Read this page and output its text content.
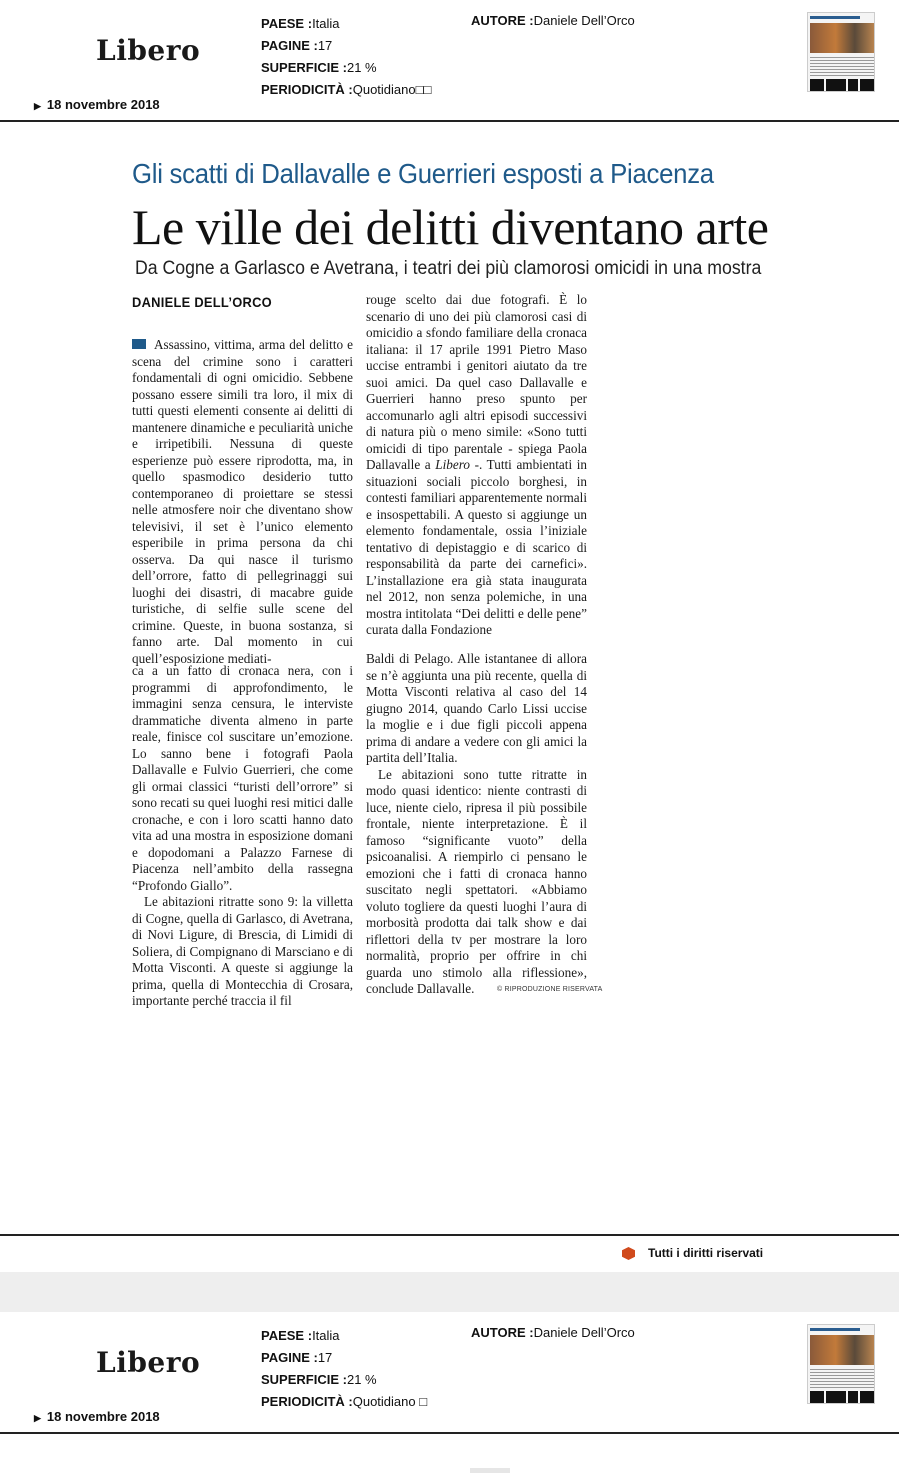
Libero
▶ 18 novembre 2018
PAESE :Italia
PAGINE :17
SUPERFICIE :21 %
PERIODICITÀ :Quotidiano□□
AUTORE :Daniele Dell’Orco
Gli scatti di Dallavalle e Guerrieri esposti a Piacenza
Le ville dei delitti diventano arte
Da Cogne a Garlasco e Avetrana, i teatri dei più clamorosi omicidi in una mostra
DANIELE DELL’ORCO

Assassino, vittima, arma del delitto e scena del crimine sono i caratteri fondamentali di ogni omicidio. Sebbene possano essere simili tra loro, il mix di tutti questi elementi consente ai delitti di mantenere dinamiche e peculiarità uniche e irripetibili. Nessuna di queste esperienze può essere riprodotta, ma, in quello spasmodico desiderio tutto contemporaneo di proiettare se stessi nelle atmosfere noir che diventano show televisivi, il set è l’unico elemento esperibile in prima persona da chi osserva. Da qui nasce il turismo dell’orrore, fatto di pellegrinaggi sui luoghi dei disastri, di macabre guide turistiche, di selfie sulle scene del crimine. Queste, in buona sostanza, si fanno arte. Dal momento in cui quell’esposizione mediati-

ca a un fatto di cronaca nera, con i programmi di approfondimento, le immagini senza censura, le interviste drammatiche diventa almeno in parte reale, finisce col suscitare un’emozione. Lo sanno bene i fotografi Paola Dallavalle e Fulvio Guerrieri, che come gli ormai classici “turisti dell’orrore” si sono recati su quei luoghi resi mitici dalle cronache, e con i loro scatti hanno dato vita ad una mostra in esposizione domani e dopodomani a Palazzo Farnese di Piacenza nell’ambito della rassegna “Profondo Giallo”.

Le abitazioni ritratte sono 9: la villetta di Cogne, quella di Garlasco, di Avetrana, di Novi Ligure, di Brescia, di Limidi di Soliera, di Compignano di Marsciano e di Motta Visconti. A queste si aggiunge la prima, quella di Montecchia di Crosara, importante perché traccia il fil

rouge scelto dai due fotografi. È lo scenario di uno dei più clamorosi casi di omicidio a sfondo familiare della cronaca italiana: il 17 aprile 1991 Pietro Maso uccise entrambi i genitori aiutato da tre suoi amici. Da quel caso Dallavalle e Guerrieri hanno preso spunto per accomunarlo agli altri episodi successivi di natura più o meno simile: «Sono tutti omicidi di tipo parentale - spiega Paola Dallavalle a Libero -. Tutti ambientati in situazioni sociali piccolo borghesi, in contesti familiari apparentemente normali e insospettabili. A questo si aggiunge un elemento fondamentale, ossia l’iniziale tentativo di depistaggio e di scarico di responsabilità da parte dei carnefici». L’installazione era già stata inaugurata nel 2012, non senza polemiche, in una mostra intitolata “Dei delitti e delle pene” curata dalla Fondazione

Baldi di Pelago. Alle istantanee di allora se n’è aggiunta una più recente, quella di Motta Visconti relativa al caso del 14 giugno 2014, quando Carlo Lissi uccise la moglie e i due figli piccoli appena prima di andare a vedere con gli amici la partita dell’Italia.

Le abitazioni sono tutte ritratte in modo quasi identico: niente contrasti di luce, niente cielo, ripresa il più possibile frontale, niente interpretazione. È il famoso “significante vuoto” della psicoanalisi. A riempirlo ci pensano le emozioni che i fatti di cronaca hanno suscitato negli spettatori. «Abbiamo voluto togliere da questi luoghi l’aura di morbosità prodotta dai talk show e dai riflettori della tv per mostrare la loro normalità, proprio per offrire in chi guarda uno stimolo alla riflessione», conclude Dallavalle.	© RIPRODUZIONE RISERVATA
Tutti i diritti riservati
Libero
▶ 18 novembre 2018
PAESE :Italia
PAGINE :17
SUPERFICIE :21 %
PERIODICITÀ :Quotidiano □
AUTORE :Daniele Dell’Orco
